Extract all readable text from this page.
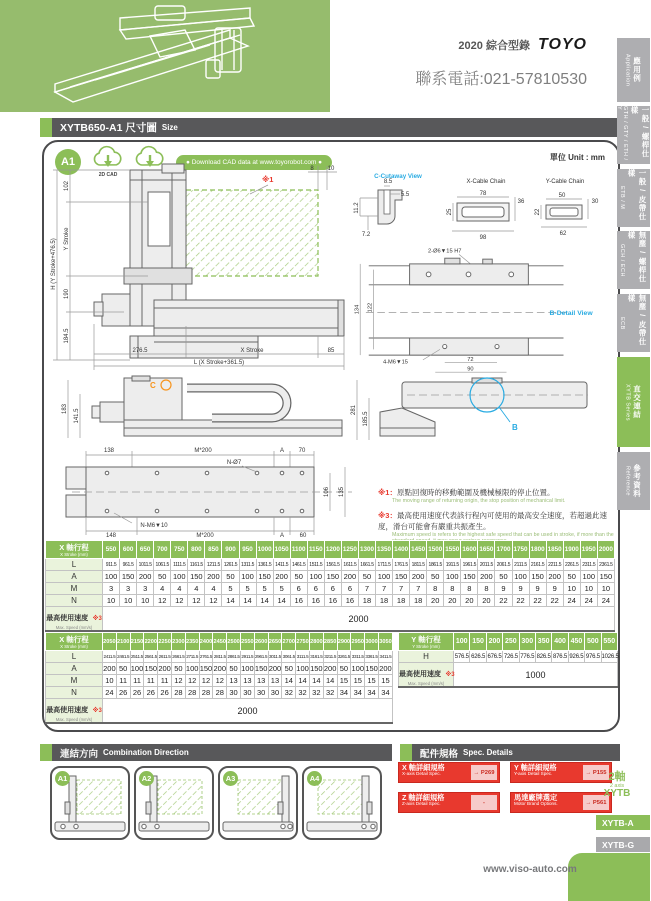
2020 綜合型錄 TOYO
聯系電話:021-57810530
XYTB650-A1 尺寸圖 Size
A1
2D CAD
● Download CAD data at www.toyorobot.com ●
單位 Unit : mm
H (Y Stroke+476.5)
102
Y Stroke
190
184.5
※1
8 10
276.5	X Stroke	85
L (X Stroke+361.5)
C-Cutaway View
8.5
5.5
11.2
7.2
X-Cable Chain
78
36
25
98
Y-Cable Chain
50
30
22
62
2-Ø6▼15 H7
134 122
4-M6▼15	72
90
B-Detail View
C
183 141.5
B
281
185.5
138	M*200	A 70
N-Ø7
106 135
N-M6▼10
148	M*200	A	60
※1：原點回復時的移動範圍及機械極限的停止位置。
The moving range of returning origin, the stop position of mechanical limit.
※3：最高使用速度代表該行程內可使用的最高安全速度，若超過此速度，滑台可能會有嚴重共振產生。
Maximum speed is refers to the highest safe speed that can be used in stroke, if more than the
X 軸行程
X Stroke (mm)	550	600	650	700	750	800	850	900	950	1000	1050	1100	1150	1200	1250	1300	1350	1400	1450	1500	1550	1600	1650	1700	1750	1800	1850	1900	1950	2000
L	911.5	961.5	1011.5	1061.5	1111.5	1161.5	1211.5	1261.5	1311.5	1361.5	1411.5	1461.5	1511.5	1561.5	1611.5	1661.5	1711.5	1761.5	1811.5	1861.5	1911.5	1961.5	2011.5	2061.5	2111.5	2161.5	2211.5	2261.5	2311.5	2361.5
A	100	150	200	50	100	150	200	50	100	150	200	50	100	150	200	50	100	150	200	50	100	150	200	50	100	150	200	50	100	150
M	3	3	3	4	4	4	4	5	5	5	5	6	6	6	6	7	7	7	7	8	8	8	8	9	9	9	9	10	10	10
N	10	10	10	12	12	12	12	14	14	14	14	16	16	16	16	18	18	18	18	20	20	20	20	22	22	22	22	24	24	24
最高使用速度 ※3
Max. Speed (mm/s)	2000																													
X 軸行程
X Stroke (mm)	2050	2100	2150	2200	2250	2300	2350	2400	2450	2500	2550	2600	2650	2700	2750	2800	2850	2900	2950	3000	3050
L	2411.5	2461.5	2511.5	2561.5	2611.5	2661.5	2711.5	2761.5	2811.5	2861.5	2911.5	2961.5	3011.5	3061.5	3111.5	3161.5	3211.5	3261.5	3311.5	3361.5	3411.5
A	200	50	100	150	200	50	100	150	200	50	100	150	200	50	100	150	200	50	100	150	200
M	10	11	11	11	11	12	12	12	12	13	13	13	13	14	14	14	14	15	15	15	15
N	24	26	26	26	26	28	28	28	28	30	30	30	30	32	32	32	32	34	34	34	34
最高使用速度 ※3
Max. Speed (mm/s)	2000																				
Y 軸行程
Y Stroke (mm)	100	150	200	250	300	350	400	450	500	550
H	576.5	626.5	676.5	726.5	776.5	826.5	876.5	926.5	976.5	1026.5
最高使用速度 ※3
Max. Speed (mm/s)	1000									
連結方向 Combination Direction
A1	A2	A3	A4
配件規格 Spec. Details
X 軸詳細規格
X-axis Detail Spec.	→ P269
Y 軸詳細規格
Y-axis Detail Spec.	→ P155
Z 軸詳細規格
Z-axis Detail Spec.	-
馬達廠牌選定
Motor Brand Options.	→ P561
2軸
2 axis
XYTB
XYTB-A
XYTB-G
www.viso-auto.com
應用例
Application
一般 / 螺桿仕樣
GTH / GTY / ETH / Y
一般 / 皮帶仕樣
ETB / M
無塵 / 螺桿仕樣
GCH / ECH
無塵 / 皮帶仕樣
ECB
直交連結
XYTB Series
參考資料
Reference
